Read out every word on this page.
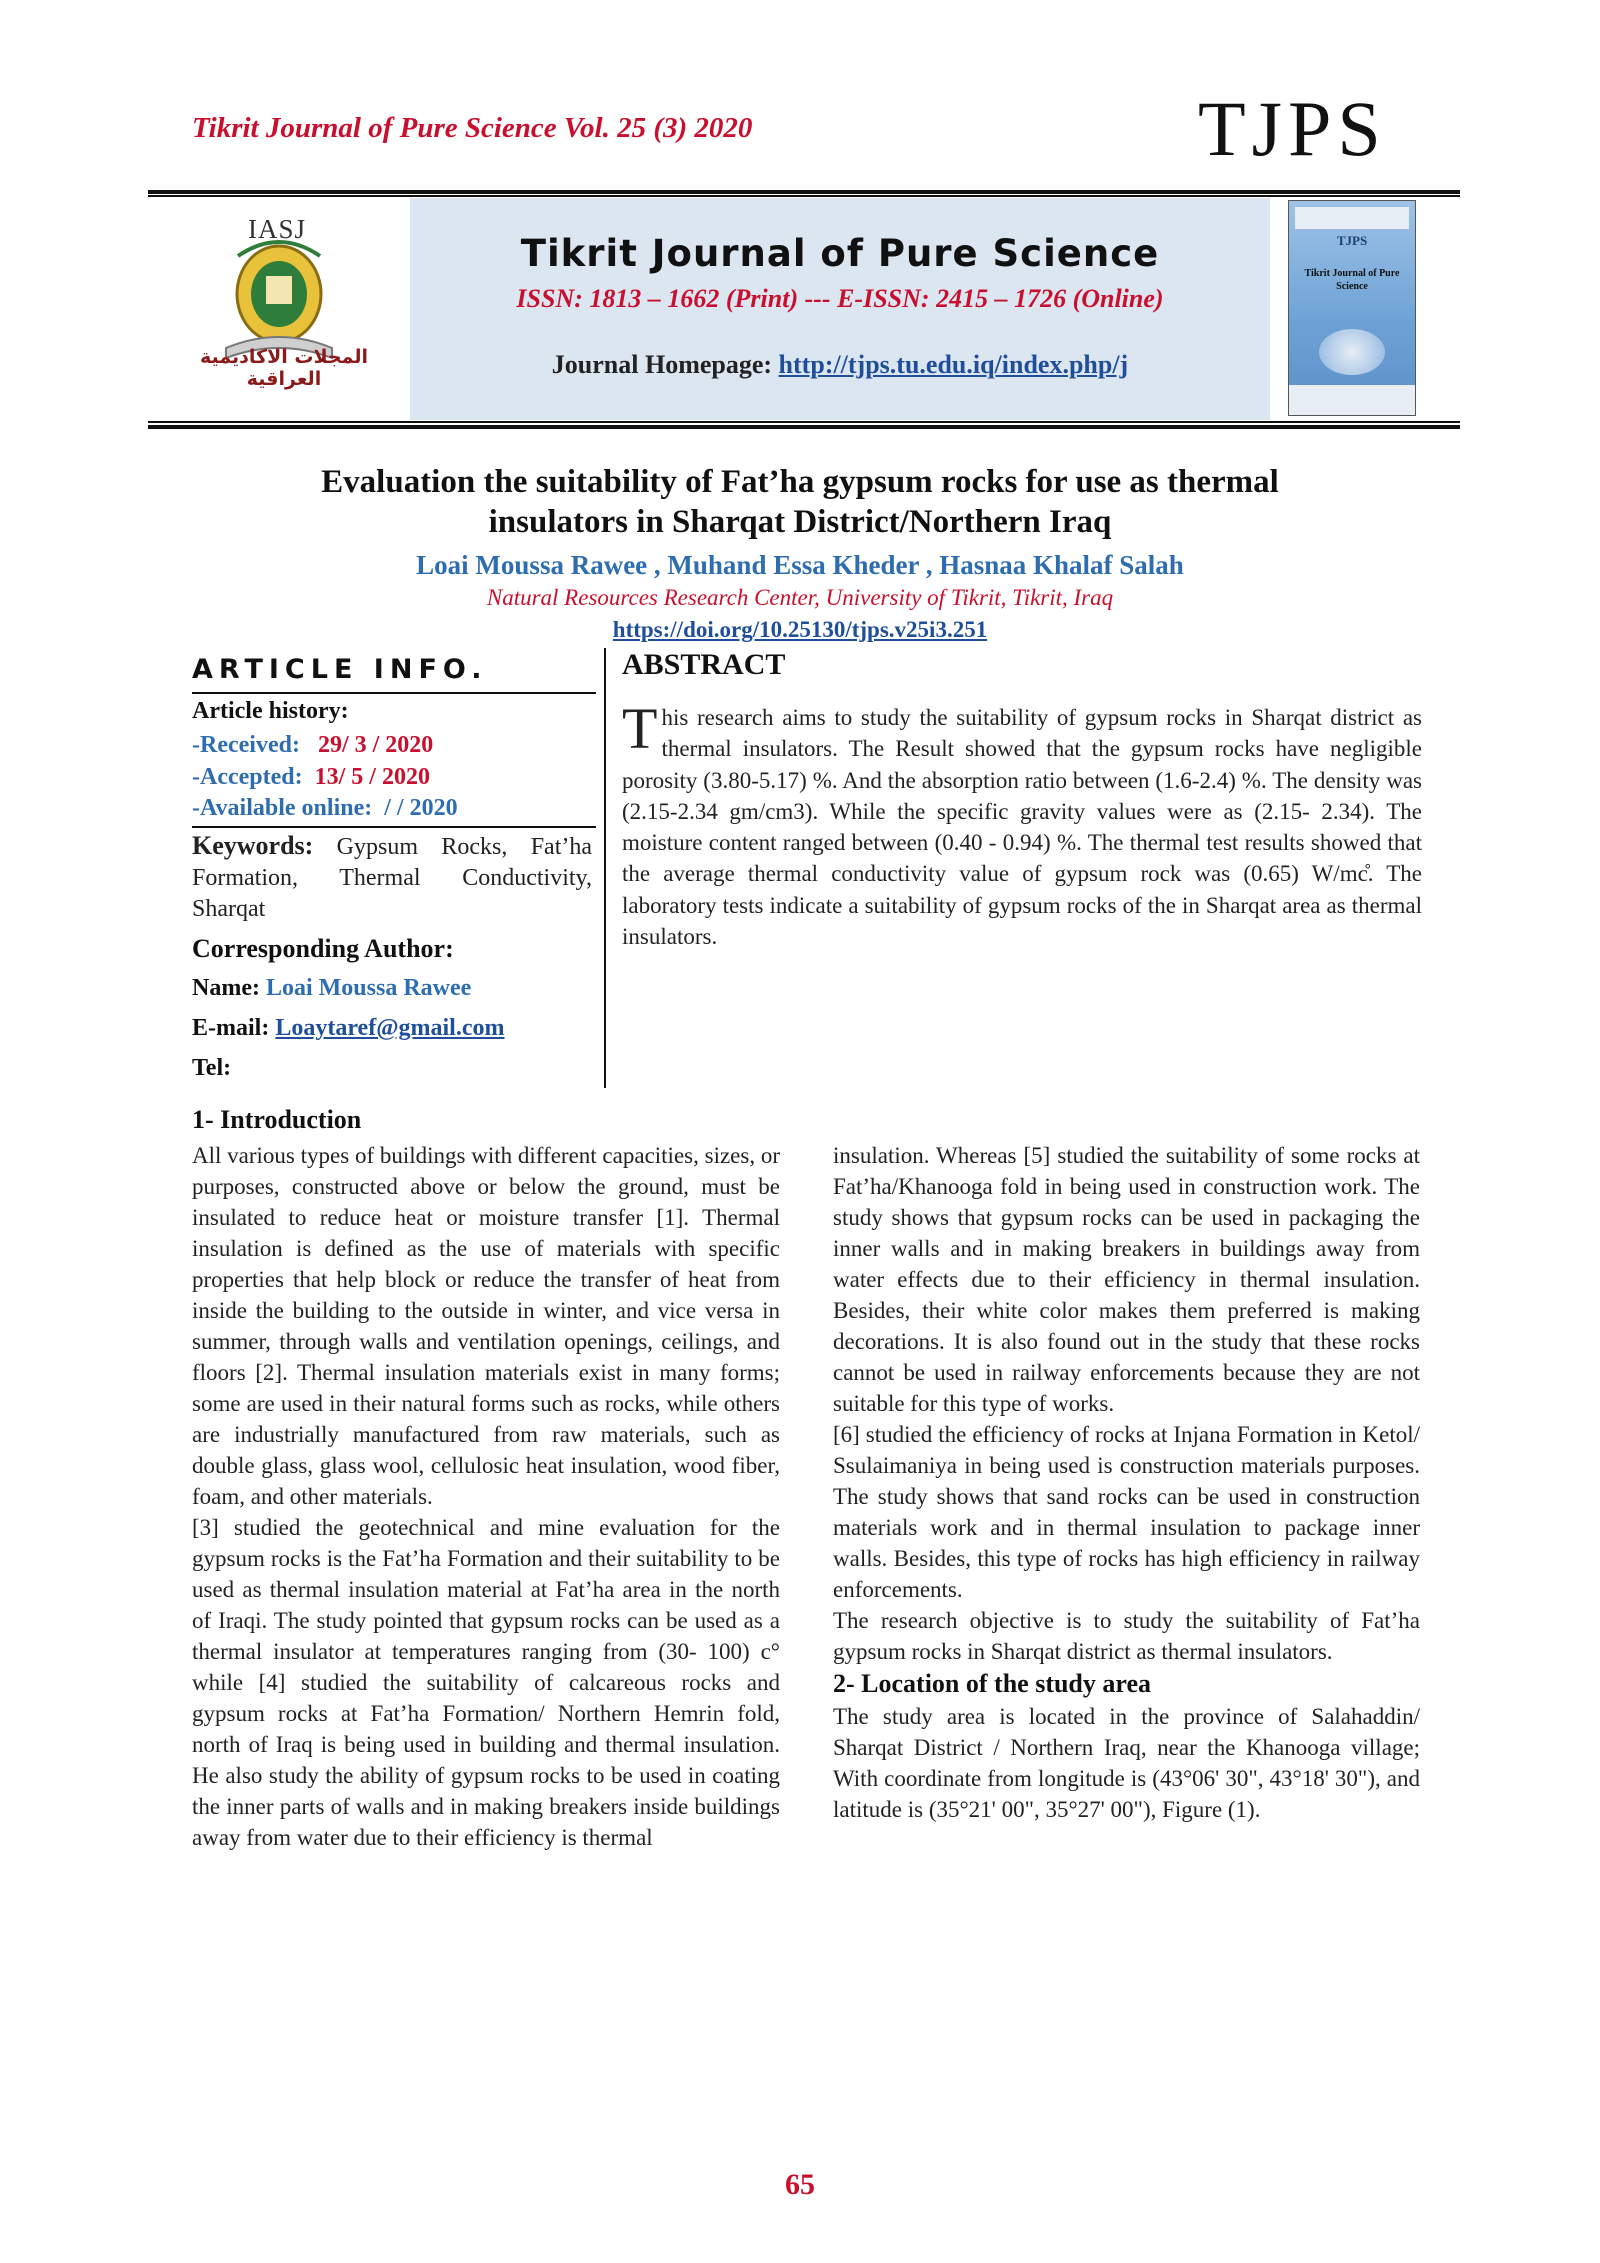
Tikrit Journal of Pure Science Vol. 25 (3) 2020	TJPS
IASJ
المجلات الاكاديمية العراقية
Tikrit Journal of Pure Science
ISSN: 1813 – 1662 (Print) --- E-ISSN: 2415 – 1726 (Online)
Journal Homepage: http://tjps.tu.edu.iq/index.php/j
TJPS
Tikrit Journal of Pure Science
Evaluation the suitability of Fat’ha gypsum rocks for use as thermal
insulators in Sharqat District/Northern Iraq
Loai Moussa Rawee , Muhand Essa Kheder , Hasnaa Khalaf Salah
Natural Resources Research Center, University of Tikrit, Tikrit, Iraq
https://doi.org/10.25130/tjps.v25i3.251
ARTICLE INFO.
Article history:
-Received: 29/ 3 / 2020
-Accepted: 13/ 5 / 2020
-Available online: / / 2020
Keywords: Gypsum Rocks, Fat’ha Formation, Thermal Conductivity, Sharqat
Corresponding Author:
Name: Loai Moussa Rawee
E-mail: Loaytaref@gmail.com
Tel:
ABSTRACT
This research aims to study the suitability of gypsum rocks in Sharqat district as thermal insulators. The Result showed that the gypsum rocks have negligible porosity (3.80-5.17) %. And the absorption ratio between (1.6-2.4) %. The density was (2.15-2.34 gm/cm3). While the specific gravity values were as (2.15- 2.34). The moisture content ranged between (0.40 - 0.94) %. The thermal test results showed that the average thermal conductivity value of gypsum rock was (0.65) W/mc̊. The laboratory tests indicate a suitability of gypsum rocks of the in Sharqat area as thermal insulators.
1- Introduction

All various types of buildings with different capacities, sizes, or purposes, constructed above or below the ground, must be insulated to reduce heat or moisture transfer [1]. Thermal insulation is defined as the use of materials with specific properties that help block or reduce the transfer of heat from inside the building to the outside in winter, and vice versa in summer, through walls and ventilation openings, ceilings, and floors [2]. Thermal insulation materials exist in many forms; some are used in their natural forms such as rocks, while others are industrially manufactured from raw materials, such as double glass, glass wool, cellulosic heat insulation, wood fiber, foam, and other materials.

[3] studied the geotechnical and mine evaluation for the gypsum rocks is the Fat’ha Formation and their suitability to be used as thermal insulation material at Fat’ha area in the north of Iraqi. The study pointed that gypsum rocks can be used as a thermal insulator at temperatures ranging from (30- 100) c° while [4] studied the suitability of calcareous rocks and gypsum rocks at Fat’ha Formation/ Northern Hemrin fold, north of Iraq is being used in building and thermal insulation. He also study the ability of gypsum rocks to be used in coating the inner parts of walls and in making breakers inside buildings away from water due to their efficiency is thermal

insulation. Whereas [5] studied the suitability of some rocks at Fat’ha/Khanooga fold in being used in construction work. The study shows that gypsum rocks can be used in packaging the inner walls and in making breakers in buildings away from water effects due to their efficiency in thermal insulation. Besides, their white color makes them preferred is making decorations. It is also found out in the study that these rocks cannot be used in railway enforcements because they are not suitable for this type of works.

[6] studied the efficiency of rocks at Injana Formation in Ketol/ Ssulaimaniya in being used is construction materials purposes. The study shows that sand rocks can be used in construction materials work and in thermal insulation to package inner walls. Besides, this type of rocks has high efficiency in railway enforcements.

The research objective is to study the suitability of Fat’ha gypsum rocks in Sharqat district as thermal insulators.

2- Location of the study area

The study area is located in the province of Salahaddin/ Sharqat District / Northern Iraq, near the Khanooga village; With coordinate from longitude is (43°06' 30", 43°18' 30"), and latitude is (35°21' 00", 35°27' 00"), Figure (1).

65
